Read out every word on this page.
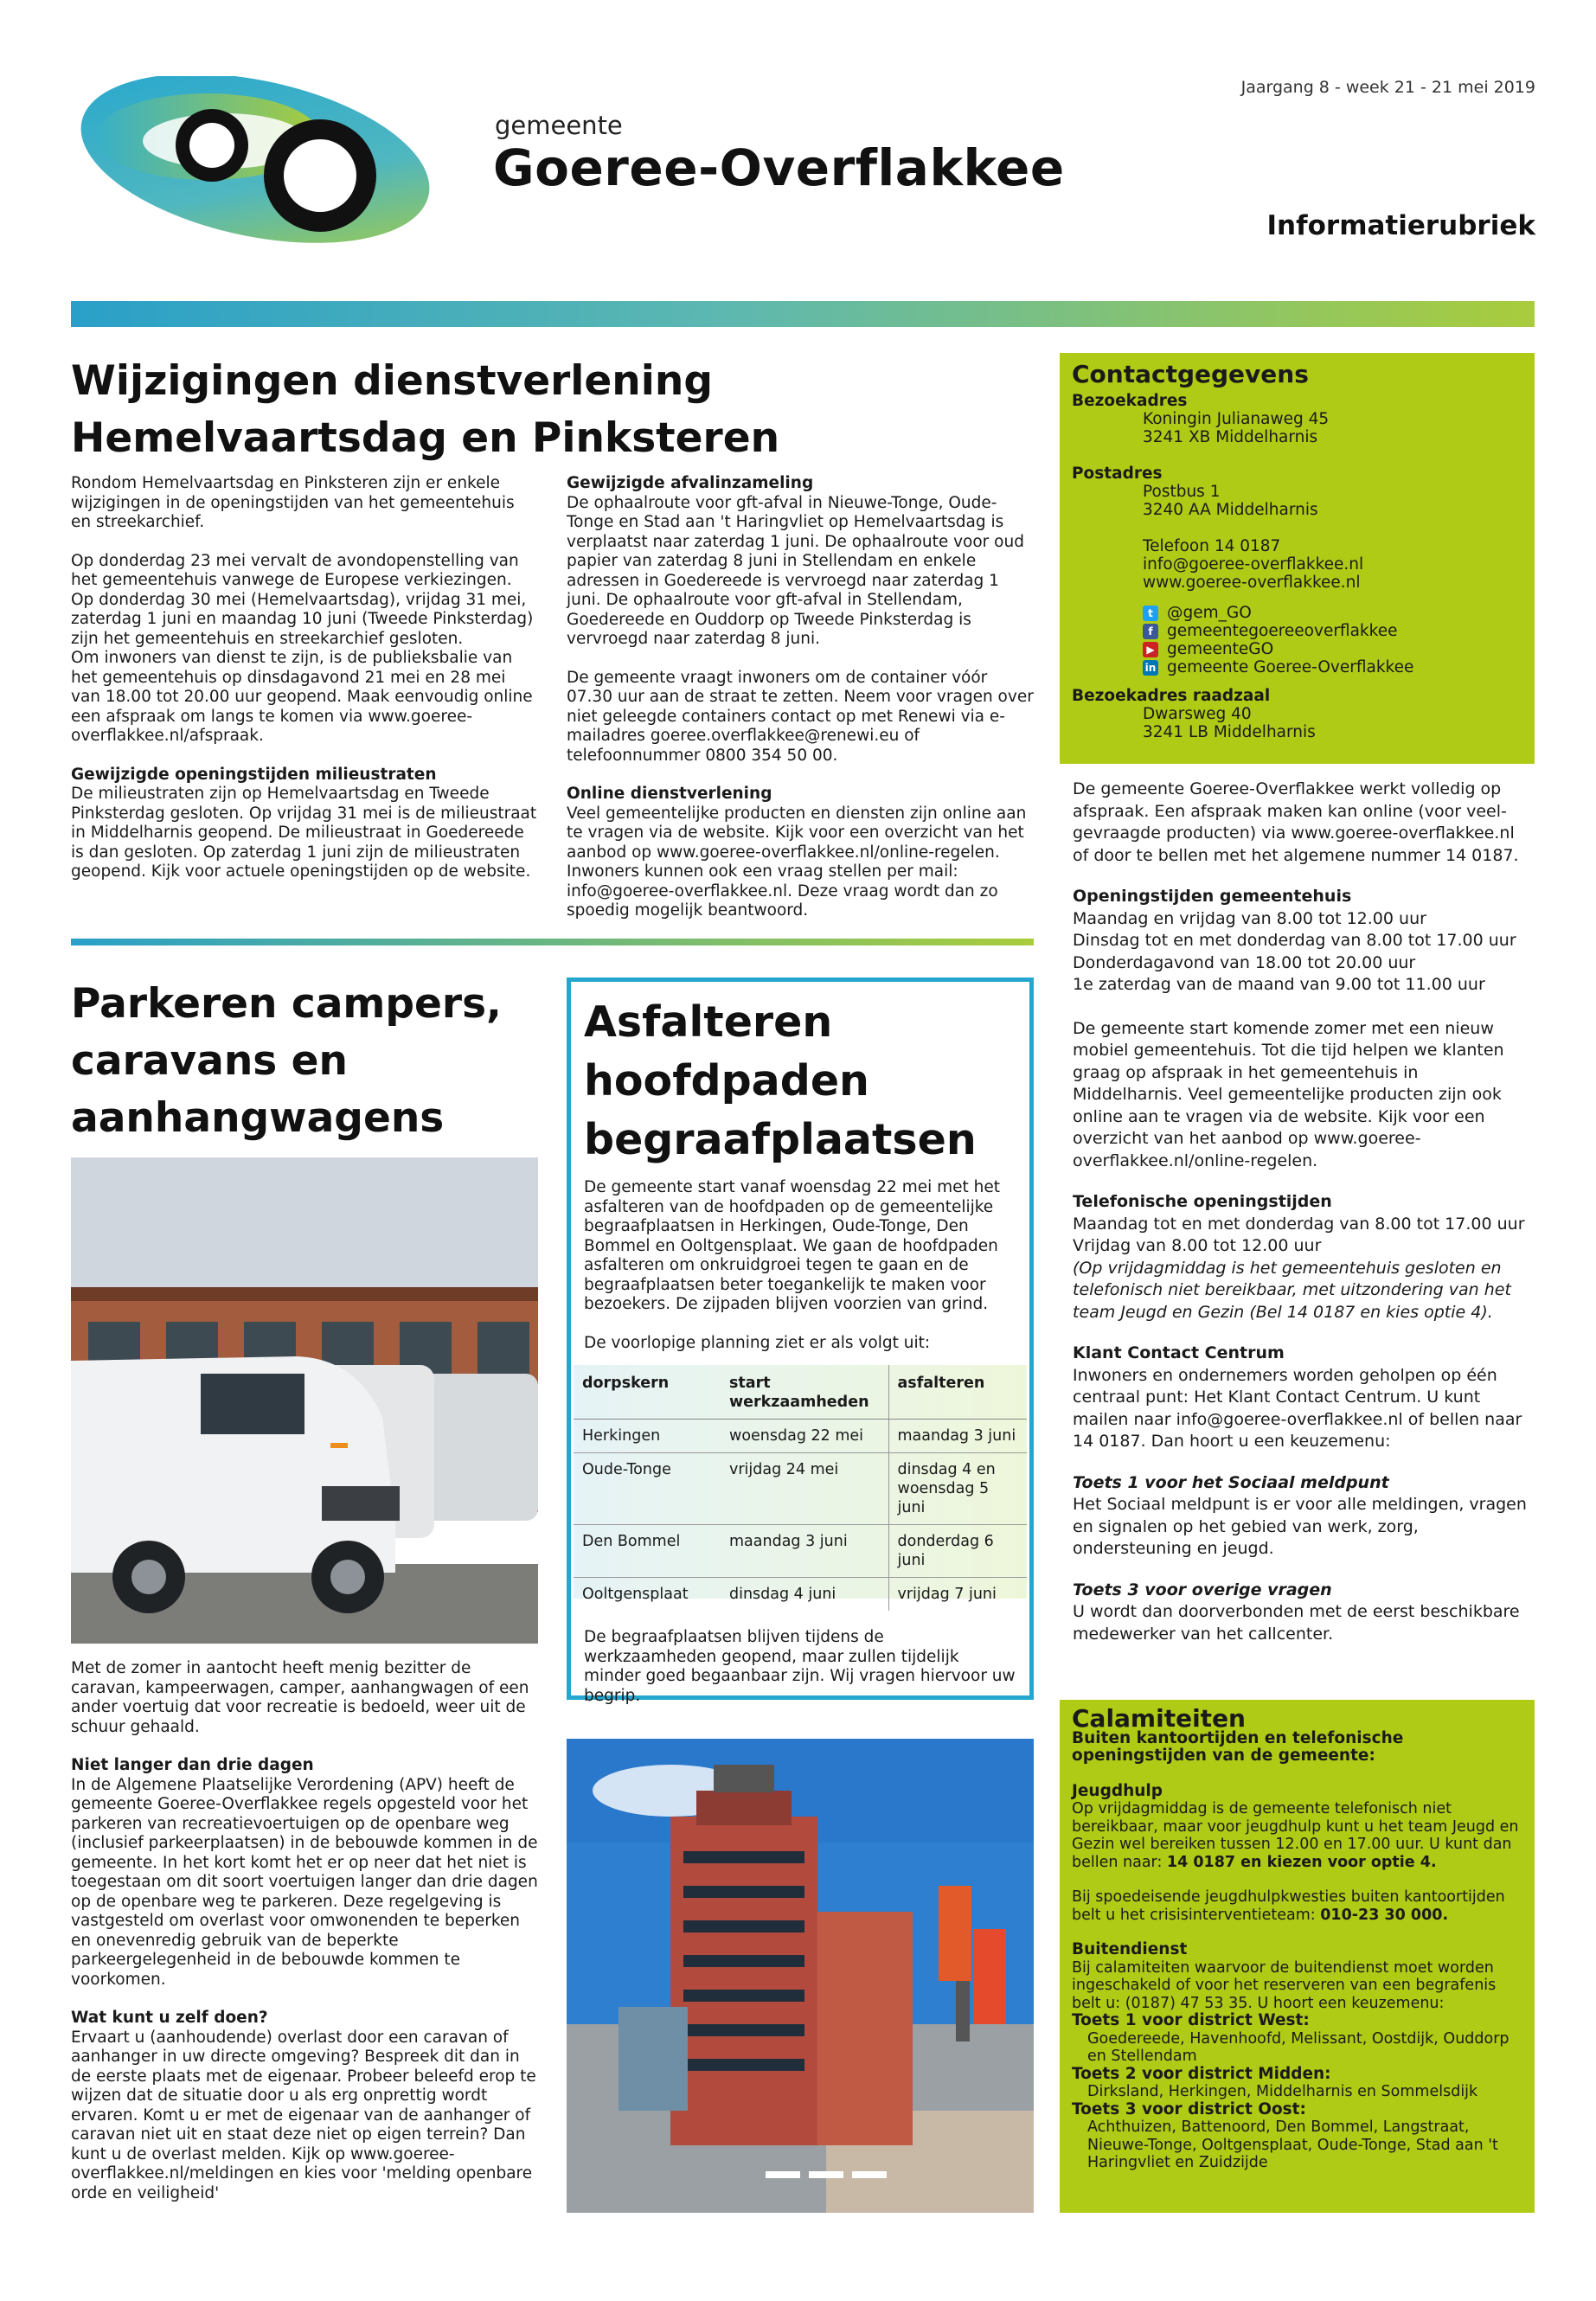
Jaargang 8 - week 21 - 21 mei 2019
gemeente
Goeree-Overflakkee
Informatierubriek
Wijzigingen dienstverlening
Hemelvaartsdag en Pinksteren

Rondom Hemelvaartsdag en Pinksteren zijn er enkele wijzigingen in de openingstijden van het gemeentehuis en streekarchief.

Op donderdag 23 mei vervalt de avondopenstelling van het gemeentehuis vanwege de Europese verkiezingen. Op donderdag 30 mei (Hemelvaartsdag), vrijdag 31 mei, zaterdag 1 juni en maandag 10 juni (Tweede Pinksterdag) zijn het gemeentehuis en streekarchief gesloten.

Om inwoners van dienst te zijn, is de publieksbalie van het gemeentehuis op dinsdagavond 21 mei en 28 mei van 18.00 tot 20.00 uur geopend. Maak eenvoudig online een afspraak om langs te komen via www.goeree-overflakkee.nl/afspraak.

Gewijzigde openingstijden milieustraten

De milieustraten zijn op Hemelvaartsdag en Tweede Pinksterdag gesloten. Op vrijdag 31 mei is de milieustraat in Middelharnis geopend. De milieustraat in Goedereede is dan gesloten. Op zaterdag 1 juni zijn de milieustraten geopend. Kijk voor actuele openingstijden op de website.

Gewijzigde afvalinzameling

De ophaalroute voor gft-afval in Nieuwe-Tonge, Oude-Tonge en Stad aan 't Haringvliet op Hemelvaartsdag is verplaatst naar zaterdag 1 juni. De ophaalroute voor oud papier van zaterdag 8 juni in Stellendam en enkele adressen in Goedereede is vervroegd naar zaterdag 1 juni. De ophaalroute voor gft-afval in Stellendam, Goedereede en Ouddorp op Tweede Pinksterdag is vervroegd naar zaterdag 8 juni.

De gemeente vraagt inwoners om de container vóór 07.30 uur aan de straat te zetten. Neem voor vragen over niet geleegde containers contact op met Renewi via e-mailadres goeree.overflakkee@renewi.eu of telefoonnummer 0800 354 50 00.

Online dienstverlening

Veel gemeentelijke producten en diensten zijn online aan te vragen via de website. Kijk voor een overzicht van het aanbod op www.goeree-overflakkee.nl/online-regelen. Inwoners kunnen ook een vraag stellen per mail: info@goeree-overflakkee.nl. Deze vraag wordt dan zo spoedig mogelijk beantwoord.

Parkeren campers,
caravans en
aanhangwagens

Met de zomer in aantocht heeft menig bezitter de caravan, kampeerwagen, camper, aanhangwagen of een ander voertuig dat voor recreatie is bedoeld, weer uit de schuur gehaald.

Niet langer dan drie dagen

In de Algemene Plaatselijke Verordening (APV) heeft de gemeente Goeree-Overflakkee regels opgesteld voor het parkeren van recreatievoertuigen op de openbare weg (inclusief parkeerplaatsen) in de bebouwde kommen in de gemeente. In het kort komt het er op neer dat het niet is toegestaan om dit soort voertuigen langer dan drie dagen op de openbare weg te parkeren. Deze regelgeving is vastgesteld om overlast voor omwonenden te beperken en onevenredig gebruik van de beperkte parkeergelegenheid in de bebouwde kommen te voorkomen.

Wat kunt u zelf doen?

Ervaart u (aanhoudende) overlast door een caravan of aanhanger in uw directe omgeving? Bespreek dit dan in de eerste plaats met de eigenaar. Probeer beleefd erop te wijzen dat de situatie door u als erg onprettig wordt ervaren. Komt u er met de eigenaar van de aanhanger of caravan niet uit en staat deze niet op eigen terrein? Dan kunt u de overlast melden. Kijk op www.goeree-overflakkee.nl/meldingen en kies voor 'melding openbare orde en veiligheid'

Asfalteren
hoofdpaden
begraafplaatsen

De gemeente start vanaf woensdag 22 mei met het asfalteren van de hoofdpaden op de gemeentelijke begraafplaatsen in Herkingen, Oude-Tonge, Den Bommel en Ooltgensplaat. We gaan de hoofdpaden asfalteren om onkruidgroei tegen te gaan en de begraafplaatsen beter toegankelijk te maken voor bezoekers. De zijpaden blijven voorzien van grind.

De voorlopige planning ziet er als volgt uit:

dorpskern	start werkzaamheden	asfalteren
Herkingen	woensdag 22 mei	maandag 3 juni
Oude-Tonge	vrijdag 24 mei	dinsdag 4 en woensdag 5 juni
Den Bommel	maandag 3 juni	donderdag 6 juni
Ooltgensplaat	dinsdag 4 juni	vrijdag 7 juni

De begraafplaatsen blijven tijdens de werkzaamheden geopend, maar zullen tijdelijk minder goed begaanbaar zijn. Wij vragen hiervoor uw begrip.

Contactgegevens
Bezoekadres
Koningin Julianaweg 45
3241 XB Middelharnis
Postadres
Postbus 1
3240 AA Middelharnis
Telefoon 14 0187
info@goeree-overflakkee.nl
www.goeree-overflakkee.nl
t @gem_GO
f gemeentegoereeoverflakkee
▶ gemeenteGO
in gemeente Goeree-Overflakkee
Bezoekadres raadzaal
Dwarsweg 40
3241 LB Middelharnis

De gemeente Goeree-Overflakkee werkt volledig op afspraak. Een afspraak maken kan online (voor veel-gevraagde producten) via www.goeree-overflakkee.nl of door te bellen met het algemene nummer 14 0187.

Openingstijden gemeentehuis
Maandag en vrijdag van 8.00 tot 12.00 uur
Dinsdag tot en met donderdag van 8.00 tot 17.00 uur
Donderdagavond van 18.00 tot 20.00 uur
1e zaterdag van de maand van 9.00 tot 11.00 uur

De gemeente start komende zomer met een nieuw mobiel gemeentehuis. Tot die tijd helpen we klanten graag op afspraak in het gemeentehuis in Middelharnis. Veel gemeentelijke producten zijn ook online aan te vragen via de website. Kijk voor een overzicht van het aanbod op www.goeree-overflakkee.nl/online-regelen.

Telefonische openingstijden
Maandag tot en met donderdag van 8.00 tot 17.00 uur
Vrijdag van 8.00 tot 12.00 uur

(Op vrijdagmiddag is het gemeentehuis gesloten en telefonisch niet bereikbaar, met uitzondering van het team Jeugd en Gezin (Bel 14 0187 en kies optie 4).

Klant Contact Centrum

Inwoners en ondernemers worden geholpen op één centraal punt: Het Klant Contact Centrum. U kunt mailen naar info@goeree-overflakkee.nl of bellen naar 14 0187. Dan hoort u een keuzemenu:

Toets 1 voor het Sociaal meldpunt

Het Sociaal meldpunt is er voor alle meldingen, vragen en signalen op het gebied van werk, zorg, ondersteuning en jeugd.

Toets 3 voor overige vragen

U wordt dan doorverbonden met de eerst beschikbare medewerker van het callcenter.

Calamiteiten
Buiten kantoortijden en telefonische openingstijden van de gemeente:
Jeugdhulp
Op vrijdagmiddag is de gemeente telefonisch niet bereikbaar, maar voor jeugdhulp kunt u het team Jeugd en Gezin wel bereiken tussen 12.00 en 17.00 uur. U kunt dan bellen naar: 14 0187 en kiezen voor optie 4.
Bij spoedeisende jeugdhulpkwesties buiten kantoortijden belt u het crisisinterventieteam: 010-23 30 000.
Buitendienst
Bij calamiteiten waarvoor de buitendienst moet worden ingeschakeld of voor het reserveren van een begrafenis belt u: (0187) 47 53 35. U hoort een keuzemenu:
Toets 1 voor district West:
Goedereede, Havenhoofd, Melissant, Oostdijk, Ouddorp en Stellendam
Toets 2 voor district Midden:
Dirksland, Herkingen, Middelharnis en Sommelsdijk
Toets 3 voor district Oost:
Achthuizen, Battenoord, Den Bommel, Langstraat, Nieuwe-Tonge, Ooltgensplaat, Oude-Tonge, Stad aan 't Haringvliet en Zuidzijde
